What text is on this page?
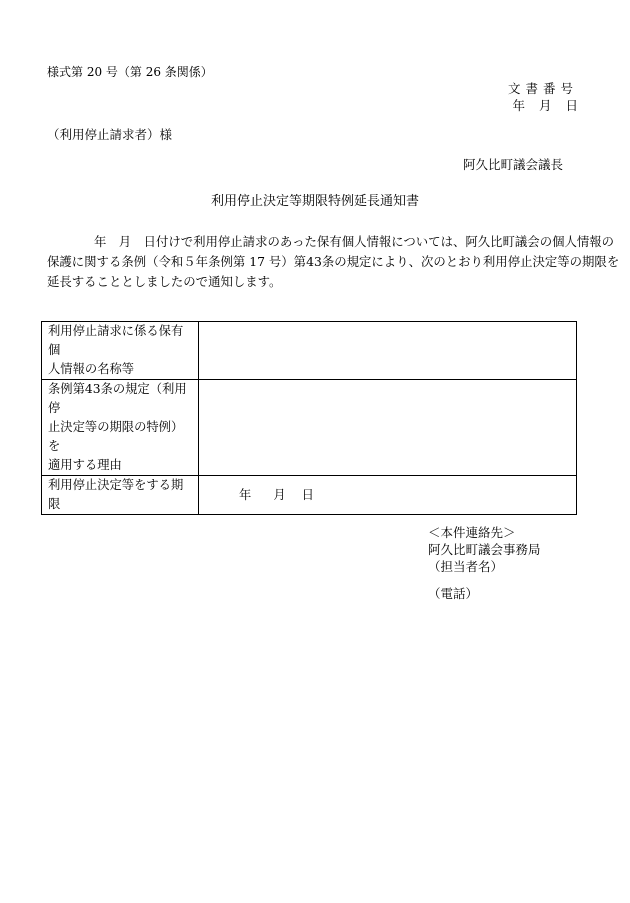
様式第 20 号（第 26 条関係）
文書番号
年 月 日
（利用停止請求者）様
阿久比町議会議長
利用停止決定等期限特例延長通知書
年　月　日付けで利用停止請求のあった保有個人情報については、阿久比町議会の個人情報の
保護に関する条例（令和５年条例第 17 号）第43条の規定により、次のとおり利用停止決定等の期限を
延長することとしましたので通知します。
利用停止請求に係る保有個
人情報の名称等	

条例第43条の規定（利用停
止決定等の期限の特例）を
適用する理由	

利用停止決定等をする期限	年 月 日
＜本件連絡先＞
阿久比町議会事務局
（担当者名）
（電話）
